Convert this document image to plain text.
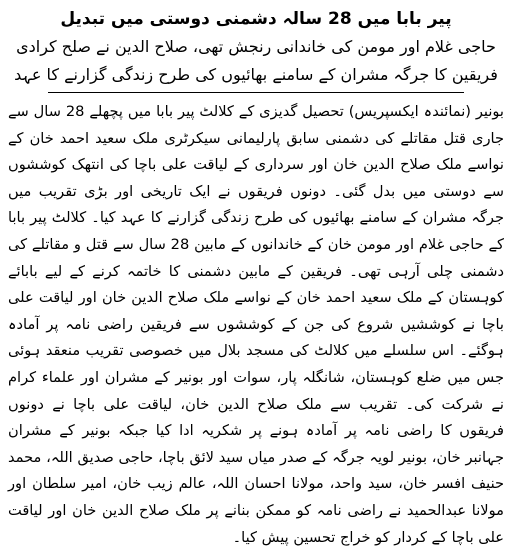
پیر بابا میں 28 سالہ دشمنی دوستی میں تبدیل
حاجی غلام اور مومن کی خاندانی رنجش تھی، صلاح الدین نے صلح کرادی
فریقین کا جرگہ مشران کے سامنے بھائیوں کی طرح زندگی گزارنے کا عہد

بونیر (نمائندہ ایکسپریس) تحصیل گدیزی کے کلالٹ پیر بابا میں پچھلے 28 سال سے جاری قتل مقاتلے کی دشمنی سابق پارلیمانی سیکرٹری ملک سعید احمد خان کے نواسے ملک صلاح الدین خان اور سرداری کے لیاقت علی باچا کی انتھک کوششوں سے دوستی میں بدل گئی۔ دونوں فریقوں نے ایک تاریخی اور بڑی تقریب میں جرگہ مشران کے سامنے بھائیوں کی طرح زندگی گزارنے کا عہد کیا۔ کلالٹ پیر بابا کے حاجی غلام اور مومن خان کے خاندانوں کے مابین 28 سال سے قتل و مقاتلے کی دشمنی چلی آرہی تھی۔ فریقین کے مابین دشمنی کا خاتمہ کرنے کے لیے بابائے کوہستان کے ملک سعید احمد خان کے نواسے ملک صلاح الدین خان اور لیاقت علی باچا نے کوششیں شروع کی جن کے کوششوں سے فریقین راضی نامہ پر آمادہ ہوگئے۔ اس سلسلے میں کلالٹ کی مسجد بلال میں خصوصی تقریب منعقد ہوئی جس میں ضلع کوہستان، شانگلہ پار، سوات اور بونیر کے مشران اور علماء کرام نے شرکت کی۔ تقریب سے ملک صلاح الدین خان، لیاقت علی باچا نے دونوں فریقوں کا راضی نامہ پر آمادہ ہونے پر شکریہ ادا کیا جبکہ بونیر کے مشران جہانبر خان، بونیر لویہ جرگہ کے صدر میاں سید لائق باچا، حاجی صدیق اللہ، محمد حنیف افسر خان، سید واحد، مولانا احسان اللہ، عالم زیب خان، امیر سلطان اور مولانا عبدالحمید نے راضی نامہ کو ممکن بنانے پر ملک صلاح الدین خان اور لیاقت علی باچا کے کردار کو خراج تحسین پیش کیا۔
